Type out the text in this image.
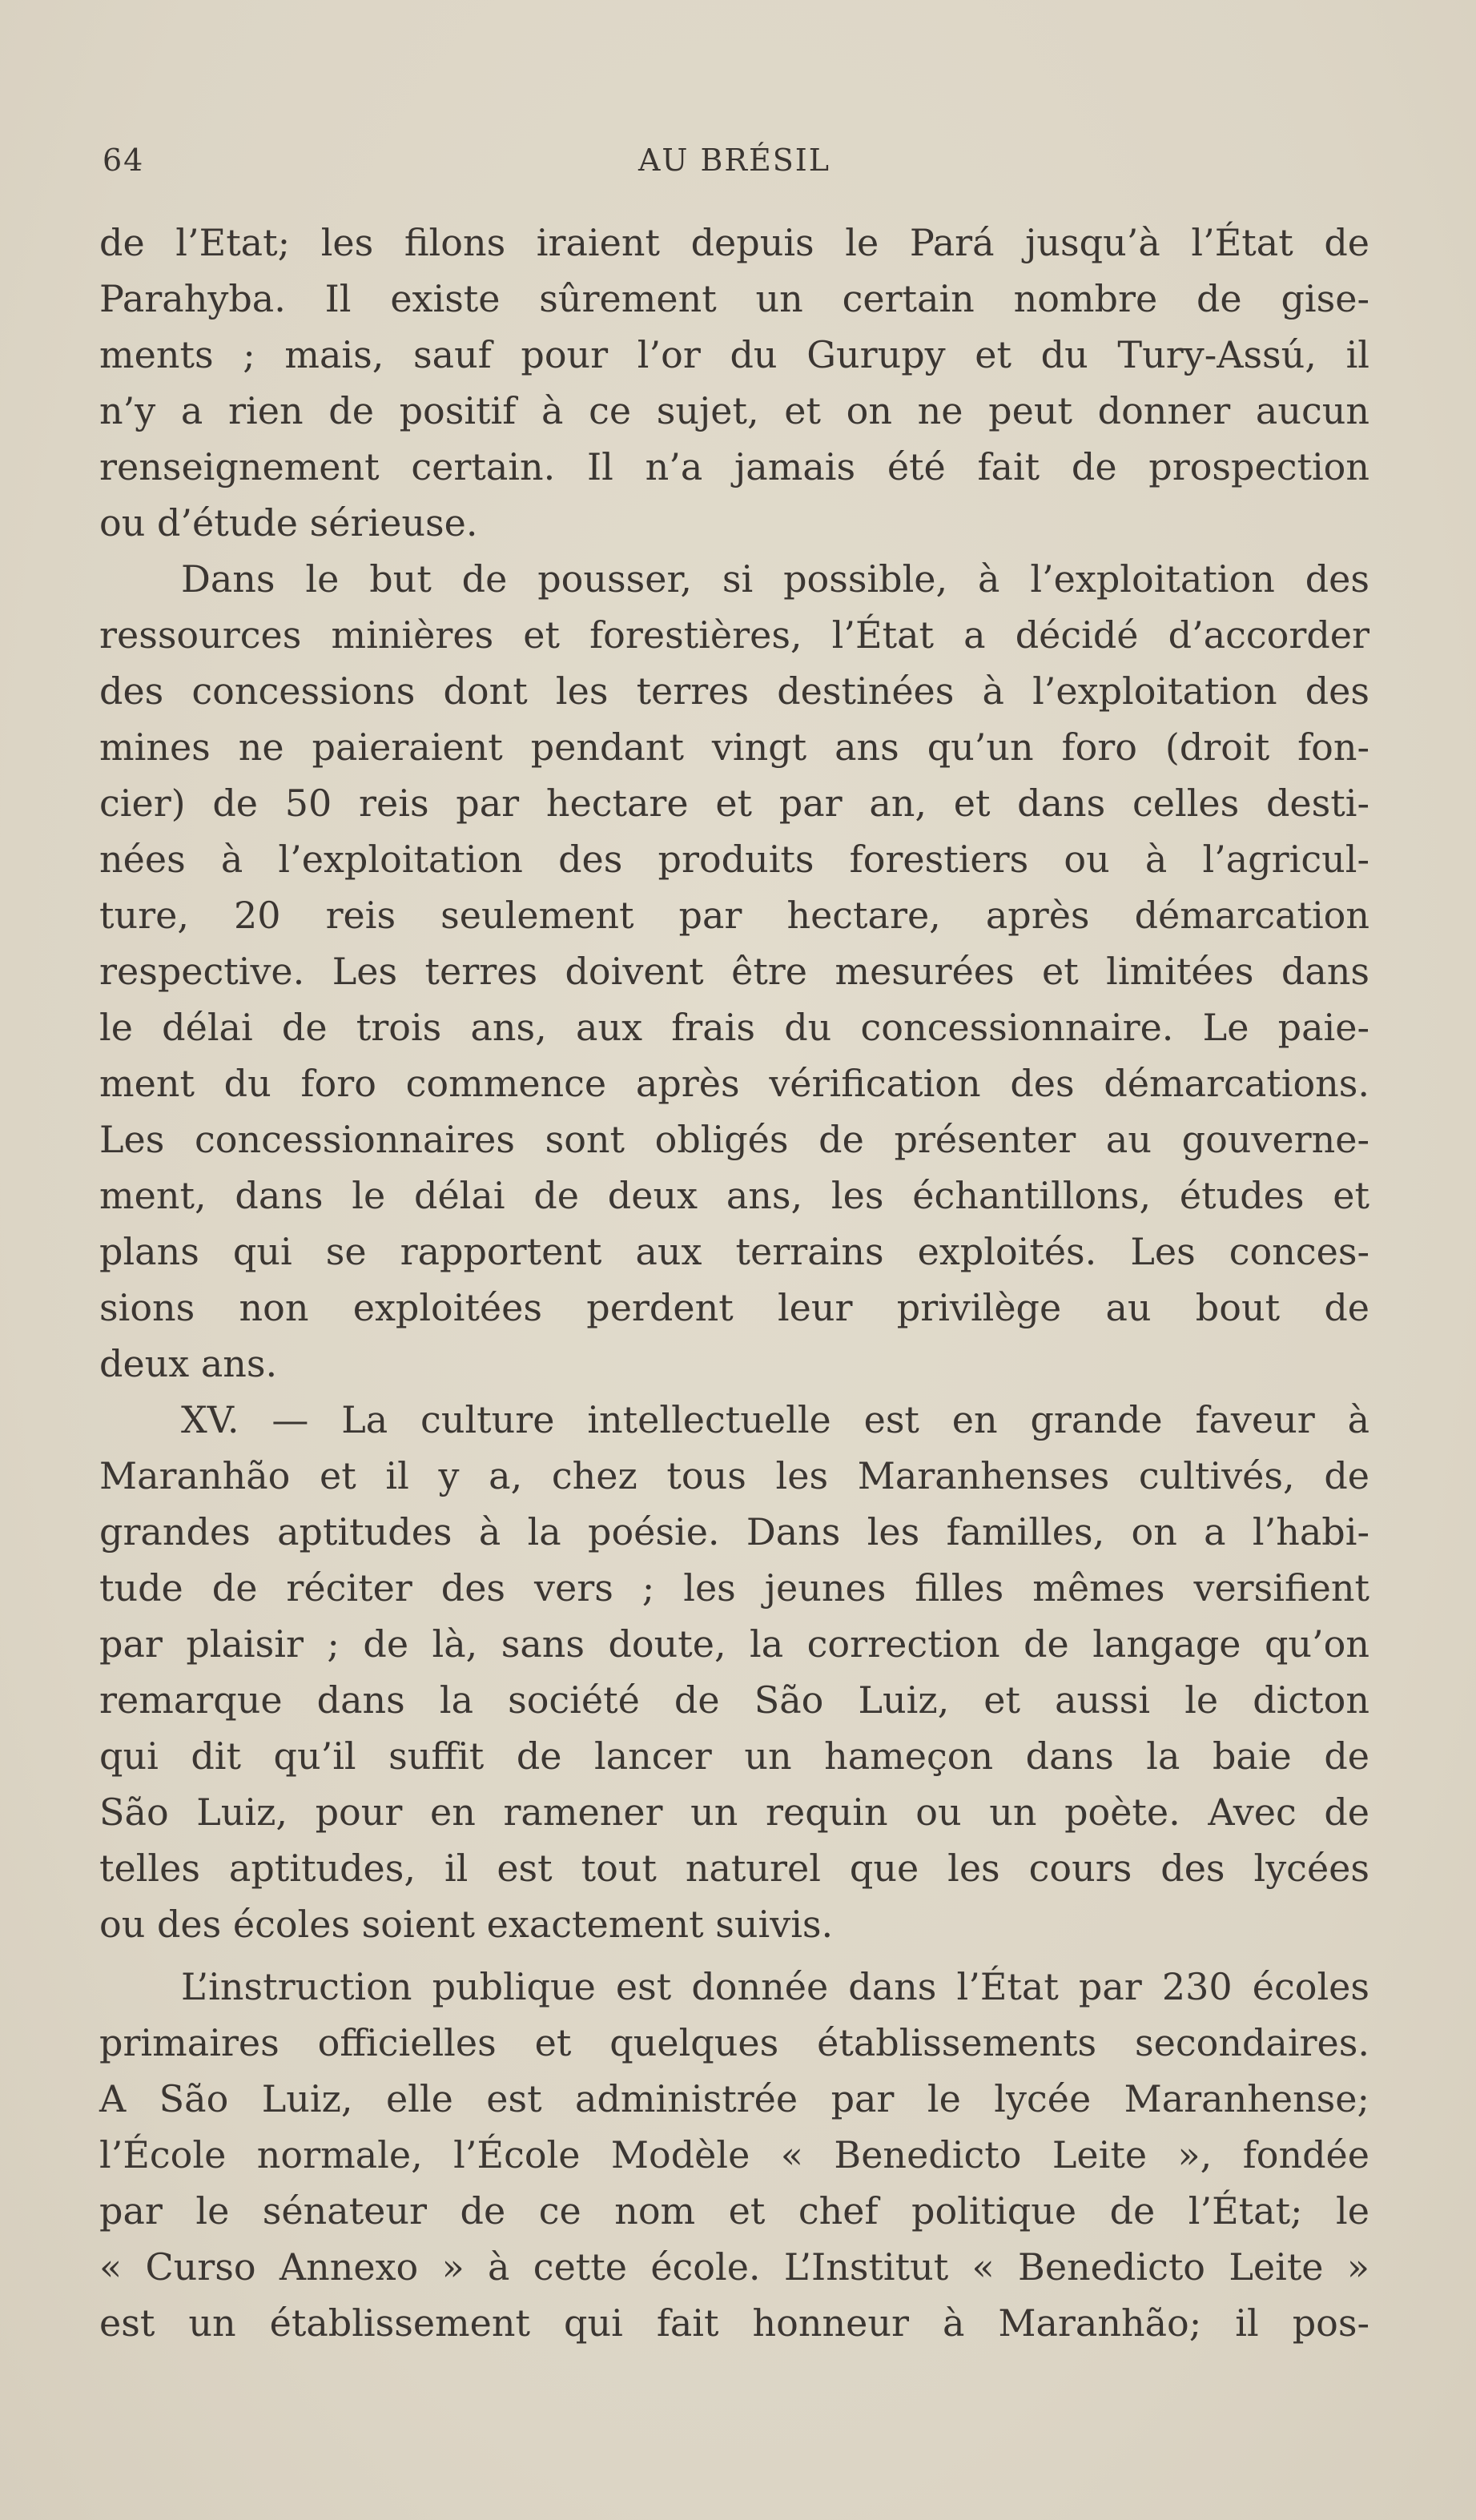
64	AU BRÉSIL
de l’Etat; les filons iraient depuis le Pará jusqu’à l’État de
Parahyba. Il existe sûrement un certain nombre de gise-
ments ; mais, sauf pour l’or du Gurupy et du Tury-Assú, il
n’y a rien de positif à ce sujet, et on ne peut donner aucun
renseignement certain. Il n’a jamais été fait de prospection
ou d’étude sérieuse.
Dans le but de pousser, si possible, à l’exploitation des
ressources minières et forestières, l’État a décidé d’accorder
des concessions dont les terres destinées à l’exploitation des
mines ne paieraient pendant vingt ans qu’un foro (droit fon-
cier) de 50 reis par hectare et par an, et dans celles desti-
nées à l’exploitation des produits forestiers ou à l’agricul-
ture, 20 reis seulement par hectare, après démarcation
respective. Les terres doivent être mesurées et limitées dans
le délai de trois ans, aux frais du concessionnaire. Le paie-
ment du foro commence après vérification des démarcations.
Les concessionnaires sont obligés de présenter au gouverne-
ment, dans le délai de deux ans, les échantillons, études et
plans qui se rapportent aux terrains exploités. Les conces-
sions non exploitées perdent leur privilège au bout de
deux ans.
XV. — La culture intellectuelle est en grande faveur à
Maranhão et il y a, chez tous les Maranhenses cultivés, de
grandes aptitudes à la poésie. Dans les familles, on a l’habi-
tude de réciter des vers ; les jeunes filles mêmes versifient
par plaisir ; de là, sans doute, la correction de langage qu’on
remarque dans la société de São Luiz, et aussi le dicton
qui dit qu’il suffit de lancer un hameçon dans la baie de
São Luiz, pour en ramener un requin ou un poète. Avec de
telles aptitudes, il est tout naturel que les cours des lycées
ou des écoles soient exactement suivis.
L’instruction publique est donnée dans l’État par 230 écoles
primaires officielles et quelques établissements secondaires.
A São Luiz, elle est administrée par le lycée Maranhense;
l’École normale, l’École Modèle « Benedicto Leite », fondée
par le sénateur de ce nom et chef politique de l’État; le
« Curso Annexo » à cette école. L’Institut « Benedicto Leite »
est un établissement qui fait honneur à Maranhão; il pos-
